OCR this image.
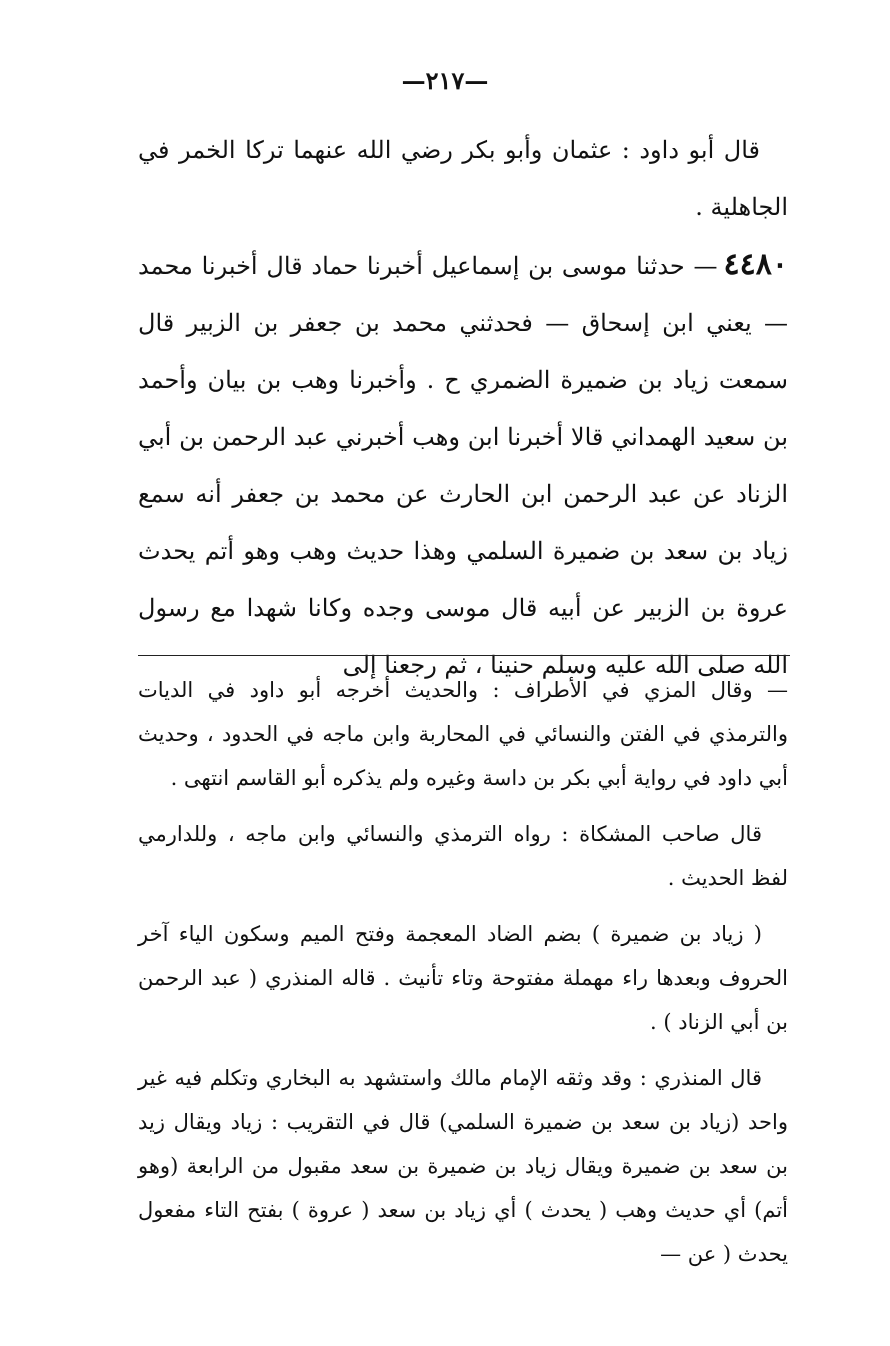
—٢١٧—

قال أبو داود : عثمان وأبو بكر رضي الله عنهما تركا الخمر في الجاهلية .

٤٤٨٠— حدثنا موسى بن إسماعيل أخبرنا حماد قال أخبرنا محمد — يعني ابن إسحاق — فحدثني محمد بن جعفر بن الزبير قال سمعت زياد بن ضميرة الضمري ح . وأخبرنا وهب بن بيان وأحمد بن سعيد الهمداني قالا أخبرنا ابن وهب أخبرني عبد الرحمن بن أبي الزناد عن عبد الرحمن ابن الحارث عن محمد بن جعفر أنه سمع زياد بن سعد بن ضميرة السلمي وهذا حديث وهب وهو أتم يحدث عروة بن الزبير عن أبيه قال موسى وجده وكانا شهدا مع رسول الله صلى الله عليه وسلم حنينا ، ثم رجعنا إلى

— وقال المزي في الأطراف : والحديث أخرجه أبو داود في الديات والترمذي في الفتن والنسائي في المحاربة وابن ماجه في الحدود ، وحديث أبي داود في رواية أبي بكر بن داسة وغيره ولم يذكره أبو القاسم انتهى .

قال صاحب المشكاة : رواه الترمذي والنسائي وابن ماجه ، وللدارمي لفظ الحديث .

( زياد بن ضميرة ) بضم الضاد المعجمة وفتح الميم وسكون الياء آخر الحروف وبعدها راء مهملة مفتوحة وتاء تأنيث . قاله المنذري ( عبد الرحمن بن أبي الزناد ) .

قال المنذري : وقد وثقه الإمام مالك واستشهد به البخاري وتكلم فيه غير واحد (زياد بن سعد بن ضميرة السلمي) قال في التقريب : زياد ويقال زيد بن سعد بن ضميرة ويقال زياد بن ضميرة بن سعد مقبول من الرابعة (وهو أتم) أي حديث وهب ( يحدث ) أي زياد بن سعد ( عروة ) بفتح التاء مفعول يحدث ( عن —
